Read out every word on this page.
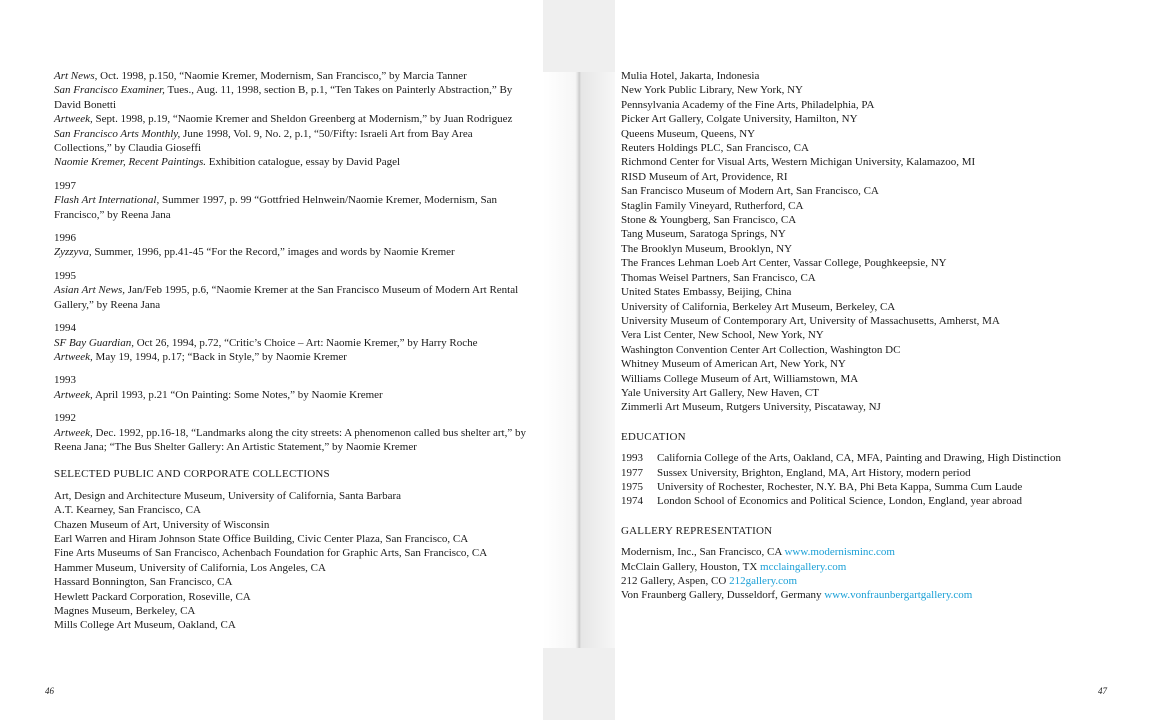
Art News, Oct. 1998, p.150, “Naomie Kremer, Modernism, San Francisco,” by Marcia Tanner

San Francisco Examiner, Tues., Aug. 11, 1998, section B, p.1, “Ten Takes on Painterly Abstraction,” By David Bonetti

Artweek, Sept. 1998, p.19, “Naomie Kremer and Sheldon Greenberg at Modernism,” by Juan Rodriguez

San Francisco Arts Monthly, June 1998, Vol. 9, No. 2, p.1, “50/Fifty: Israeli Art from Bay Area Collections,” by Claudia Gioseffi

Naomie Kremer, Recent Paintings. Exhibition catalogue, essay by David Pagel

1997

Flash Art International, Summer 1997, p. 99 “Gottfried Helnwein/Naomie Kremer, Modernism, San Francisco,” by Reena Jana

1996

Zyzzyva, Summer, 1996, pp.41-45 “For the Record,” images and words by Naomie Kremer

1995

Asian Art News, Jan/Feb 1995, p.6, “Naomie Kremer at the San Francisco Museum of Modern Art Rental Gallery,” by Reena Jana

1994

SF Bay Guardian, Oct 26, 1994, p.72, “Critic’s Choice – Art: Naomie Kremer,” by Harry Roche

Artweek, May 19, 1994, p.17; “Back in Style,” by Naomie Kremer

1993

Artweek, April 1993, p.21 “On Painting: Some Notes,” by Naomie Kremer

1992

Artweek, Dec. 1992, pp.16-18, “Landmarks along the city streets: A phenomenon called bus shelter art,” by Reena Jana; “The Bus Shelter Gallery: An Artistic Statement,” by Naomie Kremer

SELECTED PUBLIC AND CORPORATE COLLECTIONS

Art, Design and Architecture Museum, University of California, Santa Barbara

A.T. Kearney, San Francisco, CA

Chazen Museum of Art, University of Wisconsin

Earl Warren and Hiram Johnson State Office Building, Civic Center Plaza, San Francisco, CA

Fine Arts Museums of San Francisco, Achenbach Foundation for Graphic Arts, San Francisco, CA

Hammer Museum, University of California, Los Angeles, CA

Hassard Bonnington, San Francisco, CA

Hewlett Packard Corporation, Roseville, CA

Magnes Museum, Berkeley, CA

Mills College Art Museum, Oakland, CA

46

Mulia Hotel, Jakarta, Indonesia

New York Public Library, New York, NY

Pennsylvania Academy of the Fine Arts, Philadelphia, PA

Picker Art Gallery, Colgate University, Hamilton, NY

Queens Museum, Queens, NY

Reuters Holdings PLC, San Francisco, CA

Richmond Center for Visual Arts, Western Michigan University, Kalamazoo, MI

RISD Museum of Art, Providence, RI

San Francisco Museum of Modern Art, San Francisco, CA

Staglin Family Vineyard, Rutherford, CA

Stone & Youngberg, San Francisco, CA

Tang Museum, Saratoga Springs, NY

The Brooklyn Museum, Brooklyn, NY

The Frances Lehman Loeb Art Center, Vassar College, Poughkeepsie, NY

Thomas Weisel Partners, San Francisco, CA

United States Embassy, Beijing, China

University of California, Berkeley Art Museum, Berkeley, CA

University Museum of Contemporary Art, University of Massachusetts, Amherst, MA

Vera List Center, New School, New York, NY

Washington Convention Center Art Collection, Washington DC

Whitney Museum of American Art, New York, NY

Williams College Museum of Art, Williamstown, MA

Yale University Art Gallery, New Haven, CT

Zimmerli Art Museum, Rutgers University, Piscataway, NJ

EDUCATION

1993	California College of the Arts, Oakland, CA, MFA, Painting and Drawing, High Distinction
1977	Sussex University, Brighton, England, MA, Art History, modern period
1975	University of Rochester, Rochester, N.Y. BA, Phi Beta Kappa, Summa Cum Laude
1974	London School of Economics and Political Science, London, England, year abroad

GALLERY REPRESENTATION

Modernism, Inc., San Francisco, CA www.modernisminc.com

McClain Gallery, Houston, TX mcclaingallery.com

212 Gallery, Aspen, CO 212gallery.com

Von Fraunberg Gallery, Dusseldorf, Germany www.vonfraunbergartgallery.com

47
